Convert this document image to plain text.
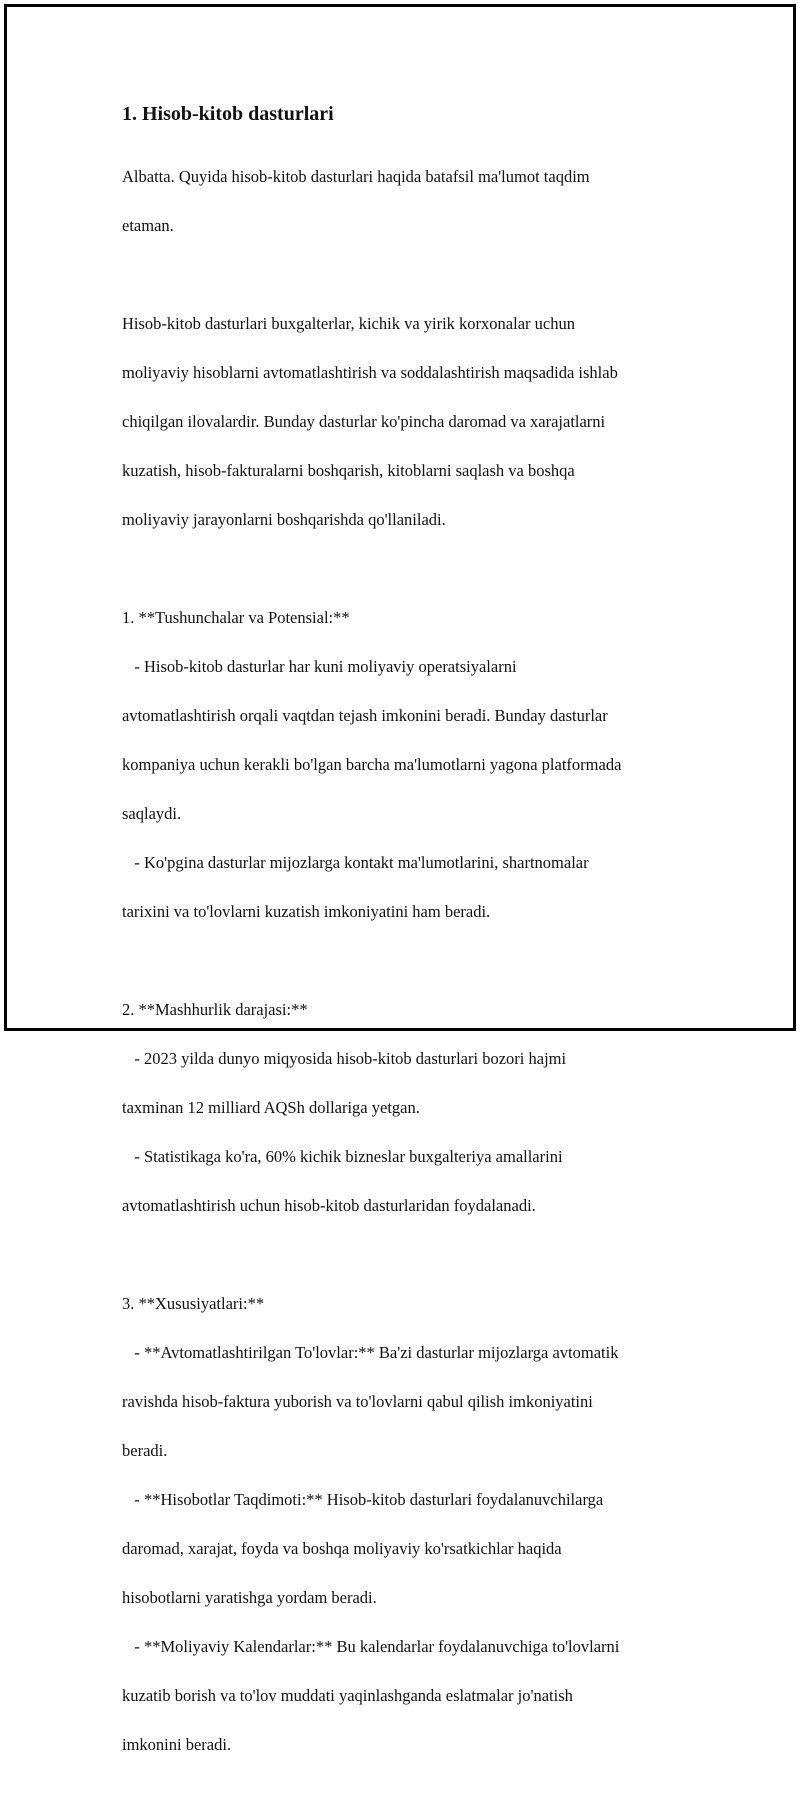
1. Hisob-kitob dasturlari

Albatta. Quyida hisob-kitob dasturlari haqida batafsil ma'lumot taqdim

etaman.

Hisob-kitob dasturlari buxgalterlar, kichik va yirik korxonalar uchun

moliyaviy hisoblarni avtomatlashtirish va soddalashtirish maqsadida ishlab

chiqilgan ilovalardir. Bunday dasturlar ko'pincha daromad va xarajatlarni

kuzatish, hisob-fakturalarni boshqarish, kitoblarni saqlash va boshqa

moliyaviy jarayonlarni boshqarishda qo'llaniladi.

1. **Tushunchalar va Potensial:**

- Hisob-kitob dasturlar har kuni moliyaviy operatsiyalarni

avtomatlashtirish orqali vaqtdan tejash imkonini beradi. Bunday dasturlar

kompaniya uchun kerakli bo'lgan barcha ma'lumotlarni yagona platformada

saqlaydi.

- Ko'pgina dasturlar mijozlarga kontakt ma'lumotlarini, shartnomalar

tarixini va to'lovlarni kuzatish imkoniyatini ham beradi.

2. **Mashhurlik darajasi:**

- 2023 yilda dunyo miqyosida hisob-kitob dasturlari bozori hajmi

taxminan 12 milliard AQSh dollariga yetgan.

- Statistikaga ko'ra, 60% kichik bizneslar buxgalteriya amallarini

avtomatlashtirish uchun hisob-kitob dasturlaridan foydalanadi.

3. **Xususiyatlari:**

- **Avtomatlashtirilgan To'lovlar:** Ba'zi dasturlar mijozlarga avtomatik

ravishda hisob-faktura yuborish va to'lovlarni qabul qilish imkoniyatini

beradi.

- **Hisobotlar Taqdimoti:** Hisob-kitob dasturlari foydalanuvchilarga

daromad, xarajat, foyda va boshqa moliyaviy ko'rsatkichlar haqida

hisobotlarni yaratishga yordam beradi.

- **Moliyaviy Kalendarlar:** Bu kalendarlar foydalanuvchiga to'lovlarni

kuzatib borish va to'lov muddati yaqinlashganda eslatmalar jo'natish

imkonini beradi.
